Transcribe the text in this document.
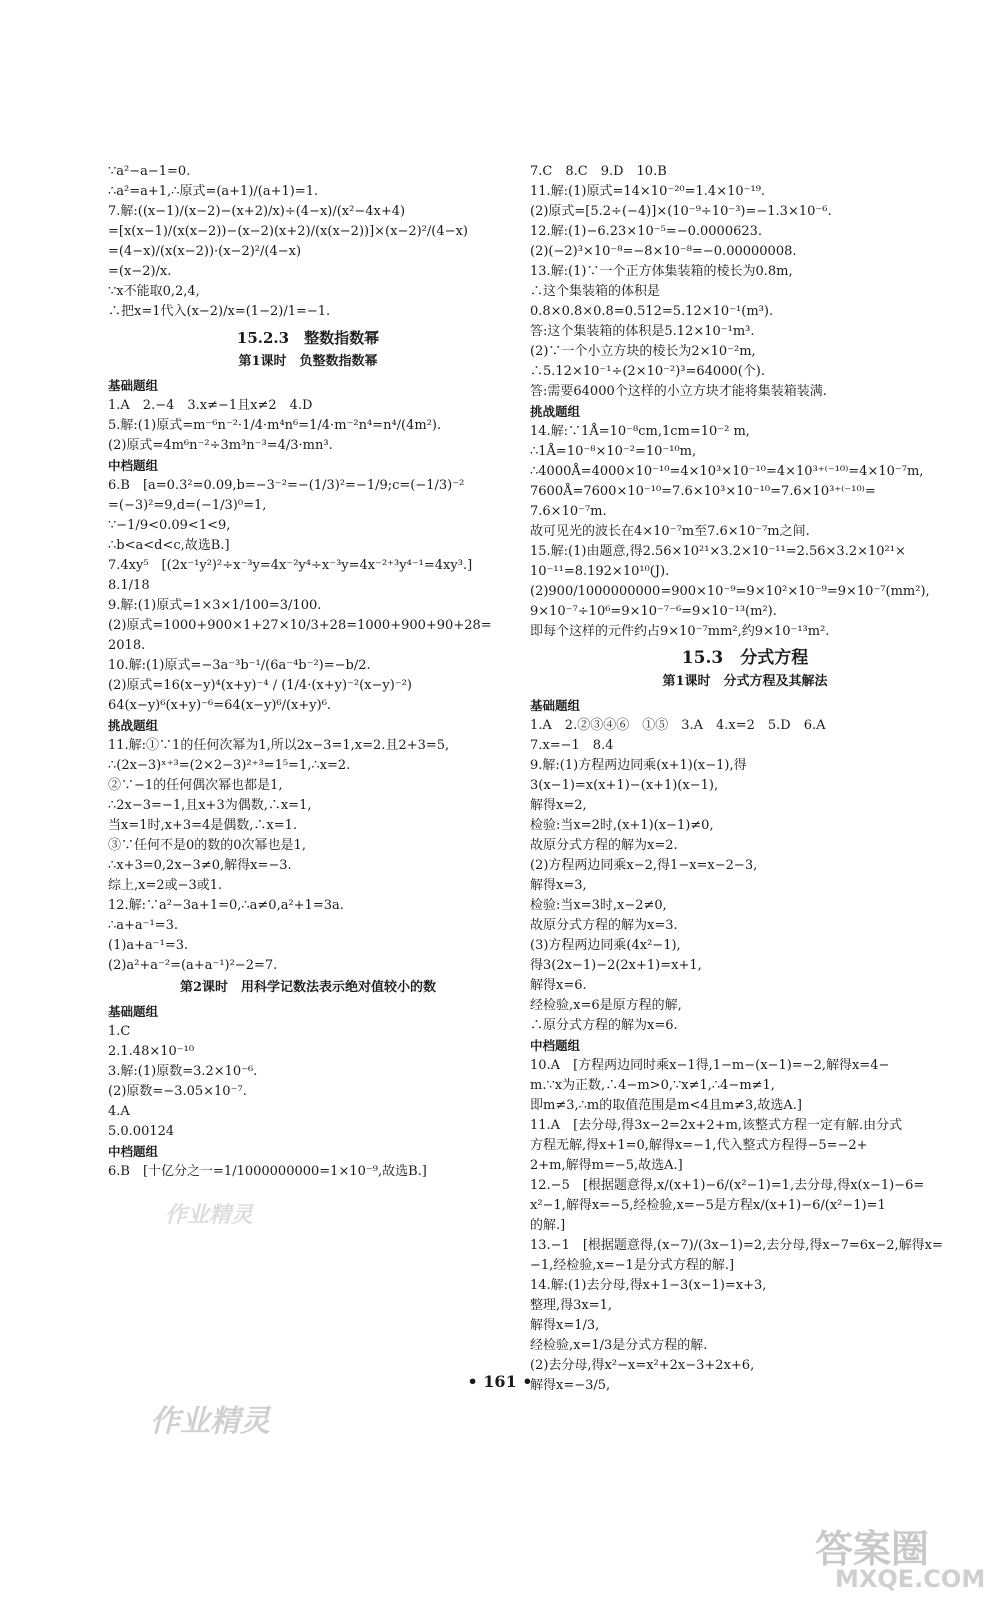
∵a²−a−1=0.
∴a²=a+1,∴原式=(a+1)/(a+1)=1.
7.解:((x−1)/(x−2)−(x+2)/x)÷(4−x)/(x²−4x+4)
=[x(x−1)/(x(x−2))−(x−2)(x+2)/(x(x−2))]×(x−2)²/(4−x)
=(4−x)/(x(x−2))·(x−2)²/(4−x)
=(x−2)/x.
∵x不能取0,2,4,
∴把x=1代入(x−2)/x=(1−2)/1=−1.
15.2.3　整数指数幂
第1课时　负整数指数幂
基础题组
1.A　2.−4　3.x≠−1且x≠2　4.D
5.解:(1)原式=m⁻⁶n⁻²·1/4·m⁴n⁶=1/4·m⁻²n⁴=n⁴/(4m²).
(2)原式=4m⁶n⁻²÷3m³n⁻³=4/3·mn³.
中档题组
6.B　[a=0.3²=0.09,b=−3⁻²=−(1/3)²=−1/9;c=(−1/3)⁻²
=(−3)²=9,d=(−1/3)⁰=1,
∵−1/9<0.09<1<9,
∴b<a<d<c,故选B.]
7.4xy⁵　[(2x⁻¹y²)²÷x⁻³y=4x⁻²y⁴÷x⁻³y=4x⁻²⁺³y⁴⁻¹=4xy³.]
8.1/18
9.解:(1)原式=1×3×1/100=3/100.
(2)原式=1000+900×1+27×10/3+28=1000+900+90+28=
2018.
10.解:(1)原式=−3a⁻³b⁻¹/(6a⁻⁴b⁻²)=−b/2.
(2)原式=16(x−y)⁴(x+y)⁻⁴ / (1/4·(x+y)⁻²(x−y)⁻²)
64(x−y)⁶(x+y)⁻⁶=64(x−y)⁶/(x+y)⁶.
挑战题组
11.解:①∵1的任何次幂为1,所以2x−3=1,x=2.且2+3=5,
∴(2x−3)ˣ⁺³=(2×2−3)²⁺³=1⁵=1,∴x=2.
②∵−1的任何偶次幂也都是1,
∴2x−3=−1,且x+3为偶数,∴x=1,
当x=1时,x+3=4是偶数,∴x=1.
③∵任何不是0的数的0次幂也是1,
∴x+3=0,2x−3≠0,解得x=−3.
综上,x=2或−3或1.
12.解:∵a²−3a+1=0,∴a≠0,a²+1=3a.
∴a+a⁻¹=3.
(1)a+a⁻¹=3.
(2)a²+a⁻²=(a+a⁻¹)²−2=7.
第2课时　用科学记数法表示绝对值较小的数
基础题组
1.C
2.1.48×10⁻¹⁰
3.解:(1)原数=3.2×10⁻⁶.
(2)原数=−3.05×10⁻⁷.
4.A
5.0.00124
中档题组
6.B　[十亿分之一=1/1000000000=1×10⁻⁹,故选B.]
7.C　8.C　9.D　10.B
11.解:(1)原式=14×10⁻²⁰=1.4×10⁻¹⁹.
(2)原式=[5.2÷(−4)]×(10⁻⁹÷10⁻³)=−1.3×10⁻⁶.
12.解:(1)−6.23×10⁻⁵=−0.0000623.
(2)(−2)³×10⁻⁸=−8×10⁻⁸=−0.00000008.
13.解:(1)∵一个正方体集装箱的棱长为0.8m,
∴这个集装箱的体积是
0.8×0.8×0.8=0.512=5.12×10⁻¹(m³).
答:这个集装箱的体积是5.12×10⁻¹m³.
(2)∵一个小立方块的棱长为2×10⁻²m,
∴5.12×10⁻¹÷(2×10⁻²)³=64000(个).
答:需要64000个这样的小立方块才能将集装箱装满.
挑战题组
14.解:∵1Å=10⁻⁸cm,1cm=10⁻² m,
∴1Å=10⁻⁸×10⁻²=10⁻¹⁰m,
∴4000Å=4000×10⁻¹⁰=4×10³×10⁻¹⁰=4×10³⁺⁽⁻¹⁰⁾=4×10⁻⁷m,
7600Å=7600×10⁻¹⁰=7.6×10³×10⁻¹⁰=7.6×10³⁺⁽⁻¹⁰⁾=
7.6×10⁻⁷m.
故可见光的波长在4×10⁻⁷m至7.6×10⁻⁷m之间.
15.解:(1)由题意,得2.56×10²¹×3.2×10⁻¹¹=2.56×3.2×10²¹×
10⁻¹¹=8.192×10¹⁰(J).
(2)900/1000000000=900×10⁻⁹=9×10²×10⁻⁹=9×10⁻⁷(mm²),
9×10⁻⁷÷10⁶=9×10⁻⁷⁻⁶=9×10⁻¹³(m²).
即每个这样的元件约占9×10⁻⁷mm²,约9×10⁻¹³m².
15.3　分式方程
第1课时　分式方程及其解法
基础题组
1.A　2.②③④⑥　①⑤　3.A　4.x=2　5.D　6.A
7.x=−1　8.4
9.解:(1)方程两边同乘(x+1)(x−1),得
3(x−1)=x(x+1)−(x+1)(x−1),
解得x=2,
检验:当x=2时,(x+1)(x−1)≠0,
故原分式方程的解为x=2.
(2)方程两边同乘x−2,得1−x=x−2−3,
解得x=3,
检验:当x=3时,x−2≠0,
故原分式方程的解为x=3.
(3)方程两边同乘(4x²−1),
得3(2x−1)−2(2x+1)=x+1,
解得x=6.
经检验,x=6是原方程的解,
∴原分式方程的解为x=6.
中档题组
10.A　[方程两边同时乘x−1得,1−m−(x−1)=−2,解得x=4−
m.∵x为正数,∴4−m>0,∵x≠1,∴4−m≠1,
即m≠3,∴m的取值范围是m<4且m≠3,故选A.]
11.A　[去分母,得3x−2=2x+2+m,该整式方程一定有解.由分式
方程无解,得x+1=0,解得x=−1,代入整式方程得−5=−2+
2+m,解得m=−5,故选A.]
12.−5　[根据题意得,x/(x+1)−6/(x²−1)=1,去分母,得x(x−1)−6=
x²−1,解得x=−5,经检验,x=−5是方程x/(x+1)−6/(x²−1)=1
的解.]
13.−1　[根据题意得,(x−7)/(3x−1)=2,去分母,得x−7=6x−2,解得x=
−1,经检验,x=−1是分式方程的解.]
14.解:(1)去分母,得x+1−3(x−1)=x+3,
整理,得3x=1,
解得x=1/3,
经检验,x=1/3是分式方程的解.
(2)去分母,得x²−x=x²+2x−3+2x+6,
解得x=−3/5,
• 161 •
作业精灵
作业精灵
答案圈
MXQE.COM
